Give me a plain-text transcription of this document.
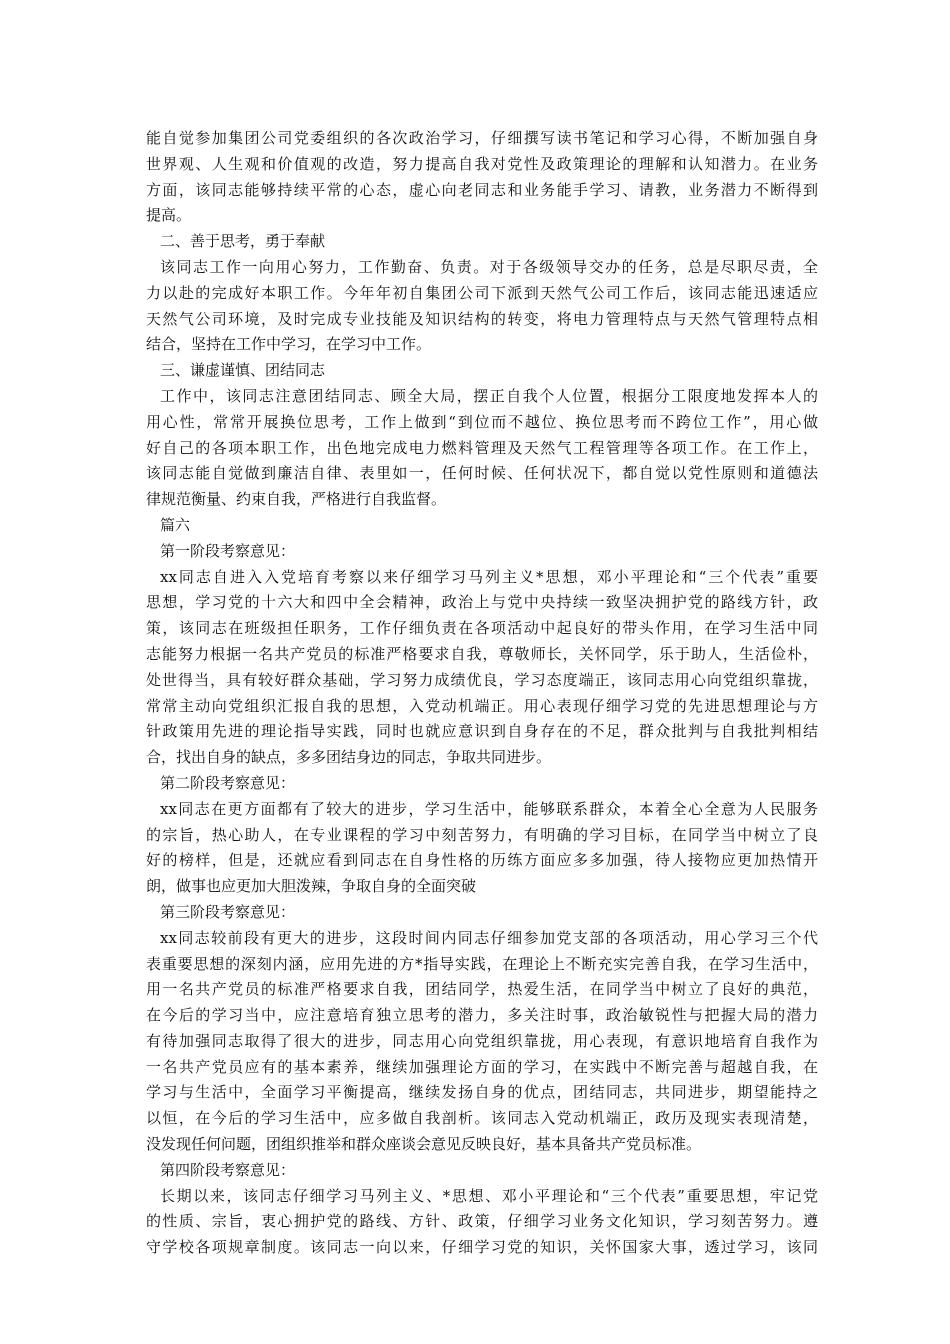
能自觉参加集团公司党委组织的各次政治学习，仔细撰写读书笔记和学习心得，不断加强自身
世界观、人生观和价值观的改造，努力提高自我对党性及政策理论的理解和认知潜力。在业务
方面，该同志能够持续平常的心态，虚心向老同志和业务能手学习、请教，业务潜力不断得到
提高。
二、善于思考，勇于奉献
该同志工作一向用心努力，工作勤奋、负责。对于各级领导交办的任务，总是尽职尽责，全
力以赴的完成好本职工作。今年年初自集团公司下派到天然气公司工作后，该同志能迅速适应
天然气公司环境，及时完成专业技能及知识结构的转变，将电力管理特点与天然气管理特点相
结合，坚持在工作中学习，在学习中工作。
三、谦虚谨慎、团结同志
工作中，该同志注意团结同志、顾全大局，摆正自我个人位置，根据分工限度地发挥本人的
用心性，常常开展换位思考，工作上做到“到位而不越位、换位思考而不跨位工作”，用心做
好自己的各项本职工作，出色地完成电力燃料管理及天然气工程管理等各项工作。在工作上，
该同志能自觉做到廉洁自律、表里如一，任何时候、任何状况下，都自觉以党性原则和道德法
律规范衡量、约束自我，严格进行自我监督。
篇六
第一阶段考察意见：
xx同志自进入入党培育考察以来仔细学习马列主义*思想，邓小平理论和“三个代表”重要
思想，学习党的十六大和四中全会精神，政治上与党中央持续一致坚决拥护党的路线方针，政
策，该同志在班级担任职务，工作仔细负责在各项活动中起良好的带头作用，在学习生活中同
志能努力根据一名共产党员的标准严格要求自我，尊敬师长，关怀同学，乐于助人，生活俭朴，
处世得当，具有较好群众基础，学习努力成绩优良，学习态度端正，该同志用心向党组织靠拢，
常常主动向党组织汇报自我的思想，入党动机端正。用心表现仔细学习党的先进思想理论与方
针政策用先进的理论指导实践，同时也就应意识到自身存在的不足，群众批判与自我批判相结
合，找出自身的缺点，多多团结身边的同志，争取共同进步。
第二阶段考察意见：
xx同志在更方面都有了较大的进步，学习生活中，能够联系群众，本着全心全意为人民服务
的宗旨，热心助人，在专业课程的学习中刻苦努力，有明确的学习目标，在同学当中树立了良
好的榜样，但是，还就应看到同志在自身性格的历练方面应多多加强，待人接物应更加热情开
朗，做事也应更加大胆泼辣，争取自身的全面突破
第三阶段考察意见：
xx同志较前段有更大的进步，这段时间内同志仔细参加党支部的各项活动，用心学习三个代
表重要思想的深刻内涵，应用先进的方*指导实践，在理论上不断充实完善自我，在学习生活中，
用一名共产党员的标准严格要求自我，团结同学，热爱生活，在同学当中树立了良好的典范，
在今后的学习当中，应注意培育独立思考的潜力，多关注时事，政治敏锐性与把握大局的潜力
有待加强同志取得了很大的进步，同志用心向党组织靠拢，用心表现，有意识地培育自我作为
一名共产党员应有的基本素养，继续加强理论方面的学习，在实践中不断完善与超越自我，在
学习与生活中，全面学习平衡提高，继续发扬自身的优点，团结同志，共同进步，期望能持之
以恒，在今后的学习生活中，应多做自我剖析。该同志入党动机端正，政历及现实表现清楚，
没发现任何问题，团组织推举和群众座谈会意见反映良好，基本具备共产党员标准。
第四阶段考察意见：
长期以来，该同志仔细学习马列主义、*思想、邓小平理论和“三个代表”重要思想，牢记党
的性质、宗旨，衷心拥护党的路线、方针、政策，仔细学习业务文化知识，学习刻苦努力。遵
守学校各项规章制度。该同志一向以来，仔细学习党的知识，关怀国家大事，透过学习，该同
